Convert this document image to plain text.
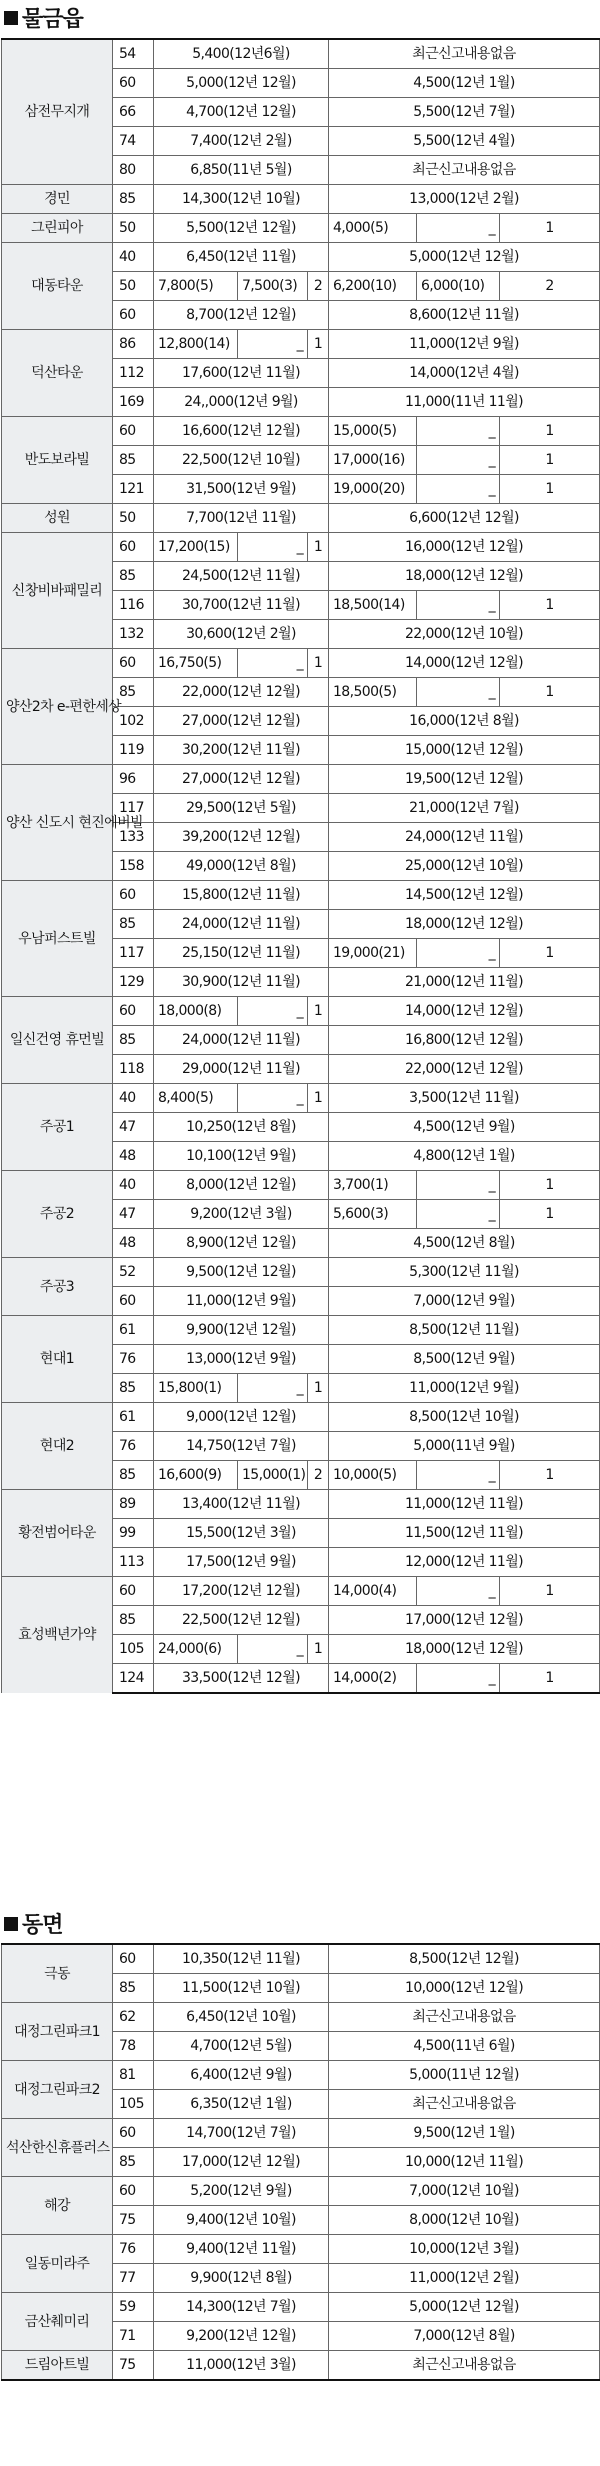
물금읍
삼전무지개	54	5,400(12년6월)			최근신고내용없음		
	60	5,000(12년 12월)			4,500(12년 1월)		
	66	4,700(12년 12월)			5,500(12년 7월)		
	74	7,400(12년 2월)			5,500(12년 4월)		
	80	6,850(11년 5월)			최근신고내용없음		
경민	85	14,300(12년 10월)			13,000(12년 2월)		
그린피아	50	5,500(12년 12월)			4,000(5)	_	1
대동타운	40	6,450(12년 11월)			5,000(12년 12월)		
	50	7,800(5)	7,500(3)	2	6,200(10)	6,000(10)	2
	60	8,700(12년 12월)			8,600(12년 11월)		
덕산타운	86	12,800(14)	_	1	11,000(12년 9월)		
	112	17,600(12년 11월)			14,000(12년 4월)		
	169	24,,000(12년 9월)			11,000(11년 11월)		
반도보라빌	60	16,600(12년 12월)			15,000(5)	_	1
	85	22,500(12년 10월)			17,000(16)	_	1
	121	31,500(12년 9월)			19,000(20)	_	1
성원	50	7,700(12년 11월)			6,600(12년 12월)		
신창비바패밀리	60	17,200(15)	_	1	16,000(12년 12월)		
	85	24,500(12년 11월)			18,000(12년 12월)		
	116	30,700(12년 11월)			18,500(14)	_	1
	132	30,600(12년 2월)			22,000(12년 10월)		
양산2차 e-편한세상	60	16,750(5)	_	1	14,000(12년 12월)		
	85	22,000(12년 12월)			18,500(5)	_	1
	102	27,000(12년 12월)			16,000(12년 8월)		
	119	30,200(12년 11월)			15,000(12년 12월)		
양산 신도시 현진에버빌	96	27,000(12년 12월)			19,500(12년 12월)		
	117	29,500(12년 5월)			21,000(12년 7월)		
	133	39,200(12년 12월)			24,000(12년 11월)		
	158	49,000(12년 8월)			25,000(12년 10월)		
우남퍼스트빌	60	15,800(12년 11월)			14,500(12년 12월)		
	85	24,000(12년 11월)			18,000(12년 12월)		
	117	25,150(12년 11월)			19,000(21)	_	1
	129	30,900(12년 11월)			21,000(12년 11월)		
일신건영 휴먼빌	60	18,000(8)	_	1	14,000(12년 12월)		
	85	24,000(12년 11월)			16,800(12년 12월)		
	118	29,000(12년 11월)			22,000(12년 12월)		
주공1	40	8,400(5)	_	1	3,500(12년 11월)		
	47	10,250(12년 8월)			4,500(12년 9월)		
	48	10,100(12년 9월)			4,800(12년 1월)		
주공2	40	8,000(12년 12월)			3,700(1)	_	1
	47	9,200(12년 3월)			5,600(3)	_	1
	48	8,900(12년 12월)			4,500(12년 8월)		
주공3	52	9,500(12년 12월)			5,300(12년 11월)		
	60	11,000(12년 9월)			7,000(12년 9월)		
현대1	61	9,900(12년 12월)			8,500(12년 11월)		
	76	13,000(12년 9월)			8,500(12년 9월)		
	85	15,800(1)	_	1	11,000(12년 9월)		
현대2	61	9,000(12년 12월)			8,500(12년 10월)		
	76	14,750(12년 7월)			5,000(11년 9월)		
	85	16,600(9)	15,000(1)	2	10,000(5)	_	1
황전범어타운	89	13,400(12년 11월)			11,000(12년 11월)		
	99	15,500(12년 3월)			11,500(12년 11월)		
	113	17,500(12년 9월)			12,000(12년 11월)		
효성백년가약	60	17,200(12년 12월)			14,000(4)	_	1
	85	22,500(12년 12월)			17,000(12년 12월)		
	105	24,000(6)	_	1	18,000(12년 12월)		
	124	33,500(12년 12월)			14,000(2)	_	1
동면
극동	60	10,350(12년 11월)	8,500(12년 12월)
	85	11,500(12년 10월)	10,000(12년 12월)
대정그린파크1	62	6,450(12년 10월)	최근신고내용없음
	78	4,700(12년 5월)	4,500(11년 6월)
대정그린파크2	81	6,400(12년 9월)	5,000(11년 12월)
	105	6,350(12년 1월)	최근신고내용없음
석산한신휴플러스	60	14,700(12년 7월)	9,500(12년 1월)
	85	17,000(12년 12월)	10,000(12년 11월)
해강	60	5,200(12년 9월)	7,000(12년 10월)
	75	9,400(12년 10월)	8,000(12년 10월)
일동미라주	76	9,400(12년 11월)	10,000(12년 3월)
	77	9,900(12년 8월)	11,000(12년 2월)
금산췌미리	59	14,300(12년 7월)	5,000(12년 12월)
	71	9,200(12년 12월)	7,000(12년 8월)
드림아트빌	75	11,000(12년 3월)	최근신고내용없음
